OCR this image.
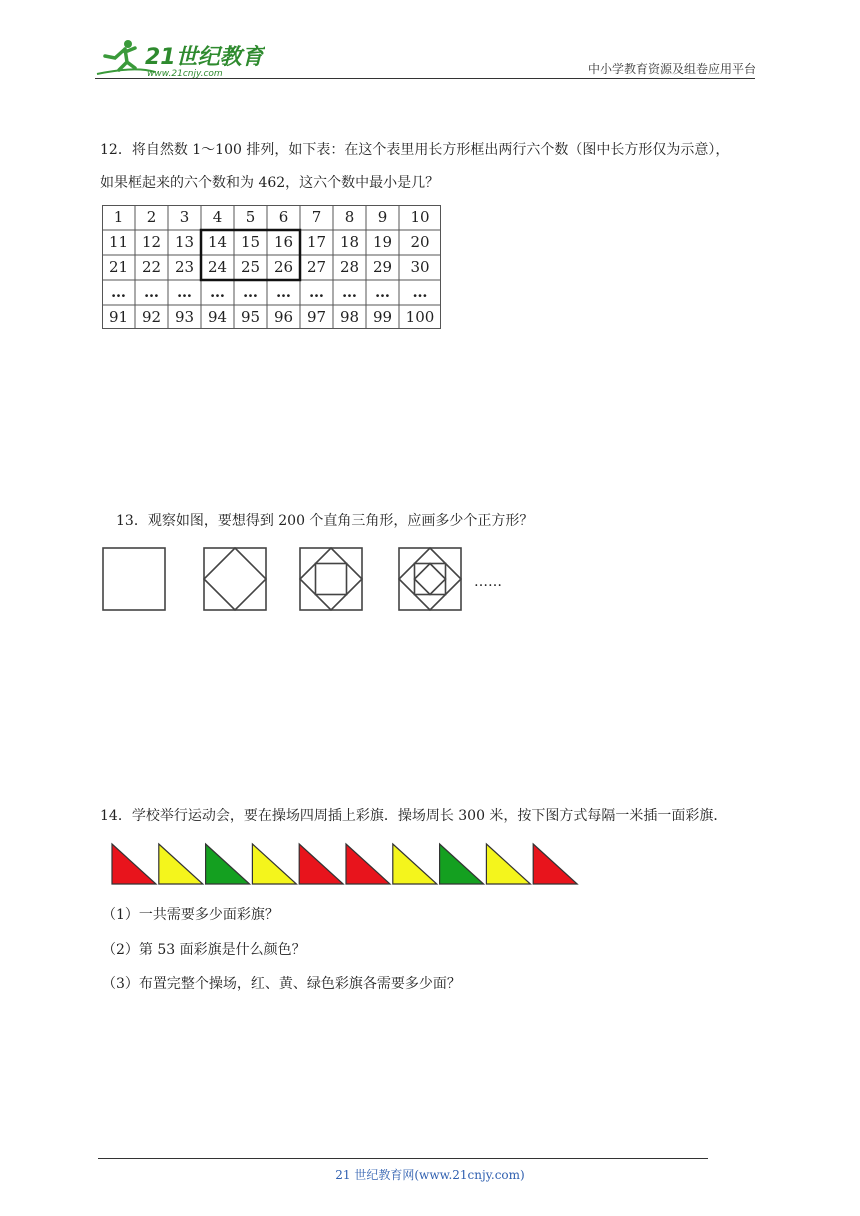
21世纪教育
www.21cnjy.com	中小学教育资源及组卷应用平台
12．将自然数 1～100 排列，如下表：在这个表里用长方形框出两行六个数（图中长方形仅为示意），
如果框起来的六个数和为 462，这六个数中最小是几？
1	2	3	4	5	6	7	8	9	10
11 12 13 14 15 16 17 18 19	20
21 22 23 24 25 26 27 28 29	30
…	…	…	…	…	…	…	…	…	…
91 92 93 94 95 96 97 98 99 100
13．观察如图，要想得到 200 个直角三角形，应画多少个正方形？
……
14．学校举行运动会，要在操场四周插上彩旗．操场周长 300 米，按下图方式每隔一米插一面彩旗．
（1）一共需要多少面彩旗？
（2）第 53 面彩旗是什么颜色？
（3）布置完整个操场，红、黄、绿色彩旗各需要多少面？
21 世纪教育网(www.21cnjy.com)
